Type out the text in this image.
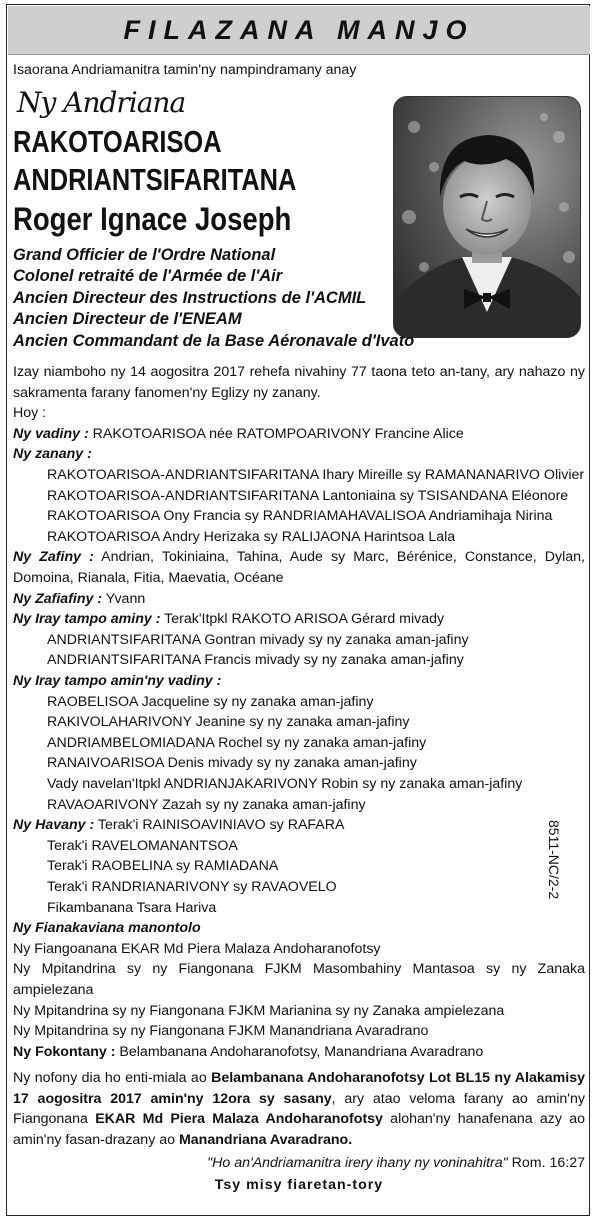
FILAZANA MANJO

Isaorana Andriamanitra tamin'ny nampindramany anay

Ny Andriana
RAKOTOARISOA
ANDRIANTSIFARITANA
Roger Ignace Joseph
Grand Officier de l'Ordre National
Colonel retraité de l'Armée de l'Air
Ancien Directeur des Instructions de l'ACMIL
Ancien Directeur de l'ENEAM
Ancien Commandant de la Base Aéronavale d'Ivato

Izay niamboho ny 14 aogositra 2017 rehefa nivahiny 77 taona teto an-tany, ary nahazo ny sakramenta farany fanomen'ny Eglizy ny zanany.

Hoy :

Ny vadiny : RAKOTOARISOA née RATOMPOARIVONY Francine Alice

Ny zanany :

RAKOTOARISOA-ANDRIANTSIFARITANA Ihary Mireille sy RAMANANARIVO Olivier

RAKOTOARISOA-ANDRIANTSIFARITANA Lantoniaina sy TSISANDANA Eléonore

RAKOTOARISOA Ony Francia sy RANDRIAMAHAVALISOA Andriamihaja Nirina

RAKOTOARISOA Andry Herizaka sy RALIJAONA Harintsoa Lala

Ny Zafiny : Andrian, Tokiniaina, Tahina, Aude sy Marc, Bérénice, Constance, Dylan, Domoina, Rianala, Fitia, Maevatia, Océane

Ny Zafiafiny : Yvann

Ny Iray tampo aminy : Terak'Itpkl RAKOTO ARISOA Gérard mivady

ANDRIANTSIFARITANA Gontran mivady sy ny zanaka aman-jafiny

ANDRIANTSIFARITANA Francis mivady sy ny zanaka aman-jafiny

Ny Iray tampo amin'ny vadiny :

RAOBELISOA Jacqueline sy ny zanaka aman-jafiny

RAKIVOLAHARIVONY Jeanine sy ny zanaka aman-jafiny

ANDRIAMBELOMIADANA Rochel sy ny zanaka aman-jafiny

RANAIVOARISOA Denis mivady sy ny zanaka aman-jafiny

Vady navelan'Itpkl ANDRIANJAKARIVONY Robin sy ny zanaka aman-jafiny

RAVAOARIVONY Zazah sy ny zanaka aman-jafiny

Ny Havany : Terak'i RAINISOAVINIAVO sy RAFARA

Terak'i RAVELOMANANTSOA

Terak'i RAOBELINA sy RAMIADANA

Terak'i RANDRIANARIVONY sy RAVAOVELO

Fikambanana Tsara Hariva

Ny Fianakaviana manontolo

Ny Fiangoanana EKAR Md Piera Malaza Andoharanofotsy

Ny Mpitandrina sy ny Fiangonana FJKM Masombahiny Mantasoa sy ny Zanaka ampielezana

Ny Mpitandrina sy ny Fiangonana FJKM Marianina sy ny Zanaka ampielezana

Ny Mpitandrina sy ny Fiangonana FJKM Manandriana Avaradrano

Ny Fokontany : Belambanana Andoharanofotsy, Manandriana Avaradrano

Ny nofony dia ho enti-miala ao Belambanana Andoharanofotsy Lot BL15 ny Alakamisy 17 aogositra 2017 amin'ny 12ora sy sasany, ary atao veloma farany ao amin'ny Fiangonana EKAR Md Piera Malaza Andoharanofotsy alohan'ny hanafenana azy ao amin'ny fasan-drazany ao Manandriana Avaradrano.

"Ho an'Andriamanitra irery ihany ny voninahitra" Rom. 16:27

Tsy misy fiaretan-tory

8511-NC/2-2
